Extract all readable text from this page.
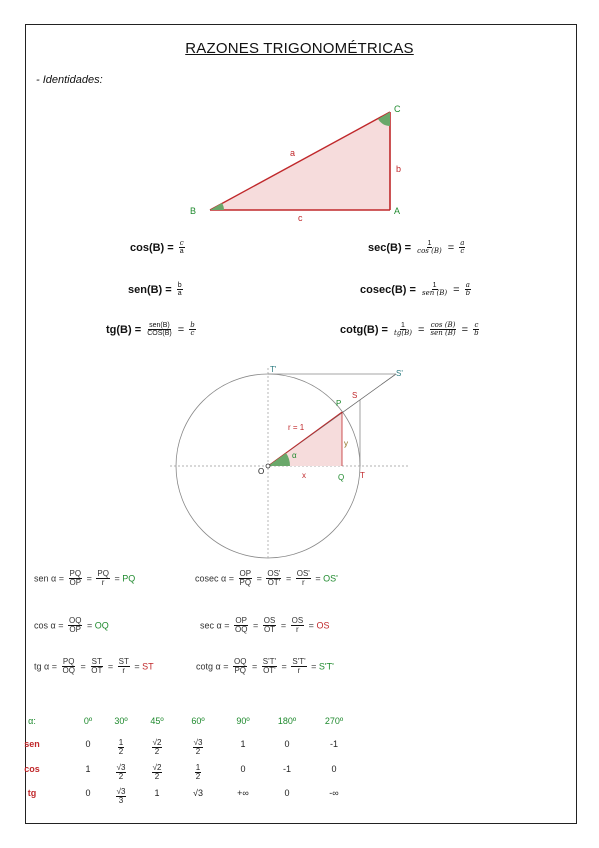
RAZONES TRIGONOMÉTRICAS
- Identidades:
a
b
c
B	A
C
$\cos(B) = \frac{c}{a}$
$sen(B) = \frac{b}{a}$
$tg(B) = \frac{\text{sen(B)}}{\text{COS(B)}} = \frac{b}{c}$
$\sec(B) = \frac{1}{\cos (B)} = \frac{a}{c}$
$cosec(B) = \frac{1}{\text{sen (B)}} = \frac{a}{b}$
$\cot g(B) = \frac{1}{tg(B)} = \frac{\cos (B)}{\text{sen (B)}} = \frac{c}{b}$
T'	S'
P
S
r = 1
y
α
O	x	Q T
sen $\alpha = \frac{PQ}{OP} = \frac{PQ}{r}$ = PQ
$\cos \alpha = \frac{OQ}{OP}$ = OQ
tg $\alpha = \frac{PQ}{OQ} = \frac{ST}{OT} = \frac{ST}{r}$ = ST
cosec $\alpha = \frac{OP}{PQ} = \frac{OS'}{OT'} = \frac{OS'}{r} = OS'$
$\sec \alpha = \frac{OP}{OQ} = \frac{OS}{OT} = \frac{OS}{r}$ = OS
cotg $\alpha = \frac{OQ}{PQ} = \frac{S'T'}{OT'} = \frac{S'T'}{r} = S'T'$
α:	0º	30º	45º	60º	90º	180º	270º
sen	0	$\frac{1}{2}$	$\frac{√2}{2}$	$\frac{√3}{2}$	1	0	-1
cos	1	$\frac{√3}{2}$	$\frac{√2}{2}$	$\frac{1}{2}$	0	-1	0
tg	0	$\frac{√3}{3}$	1	√3	+∞	0	-∞
